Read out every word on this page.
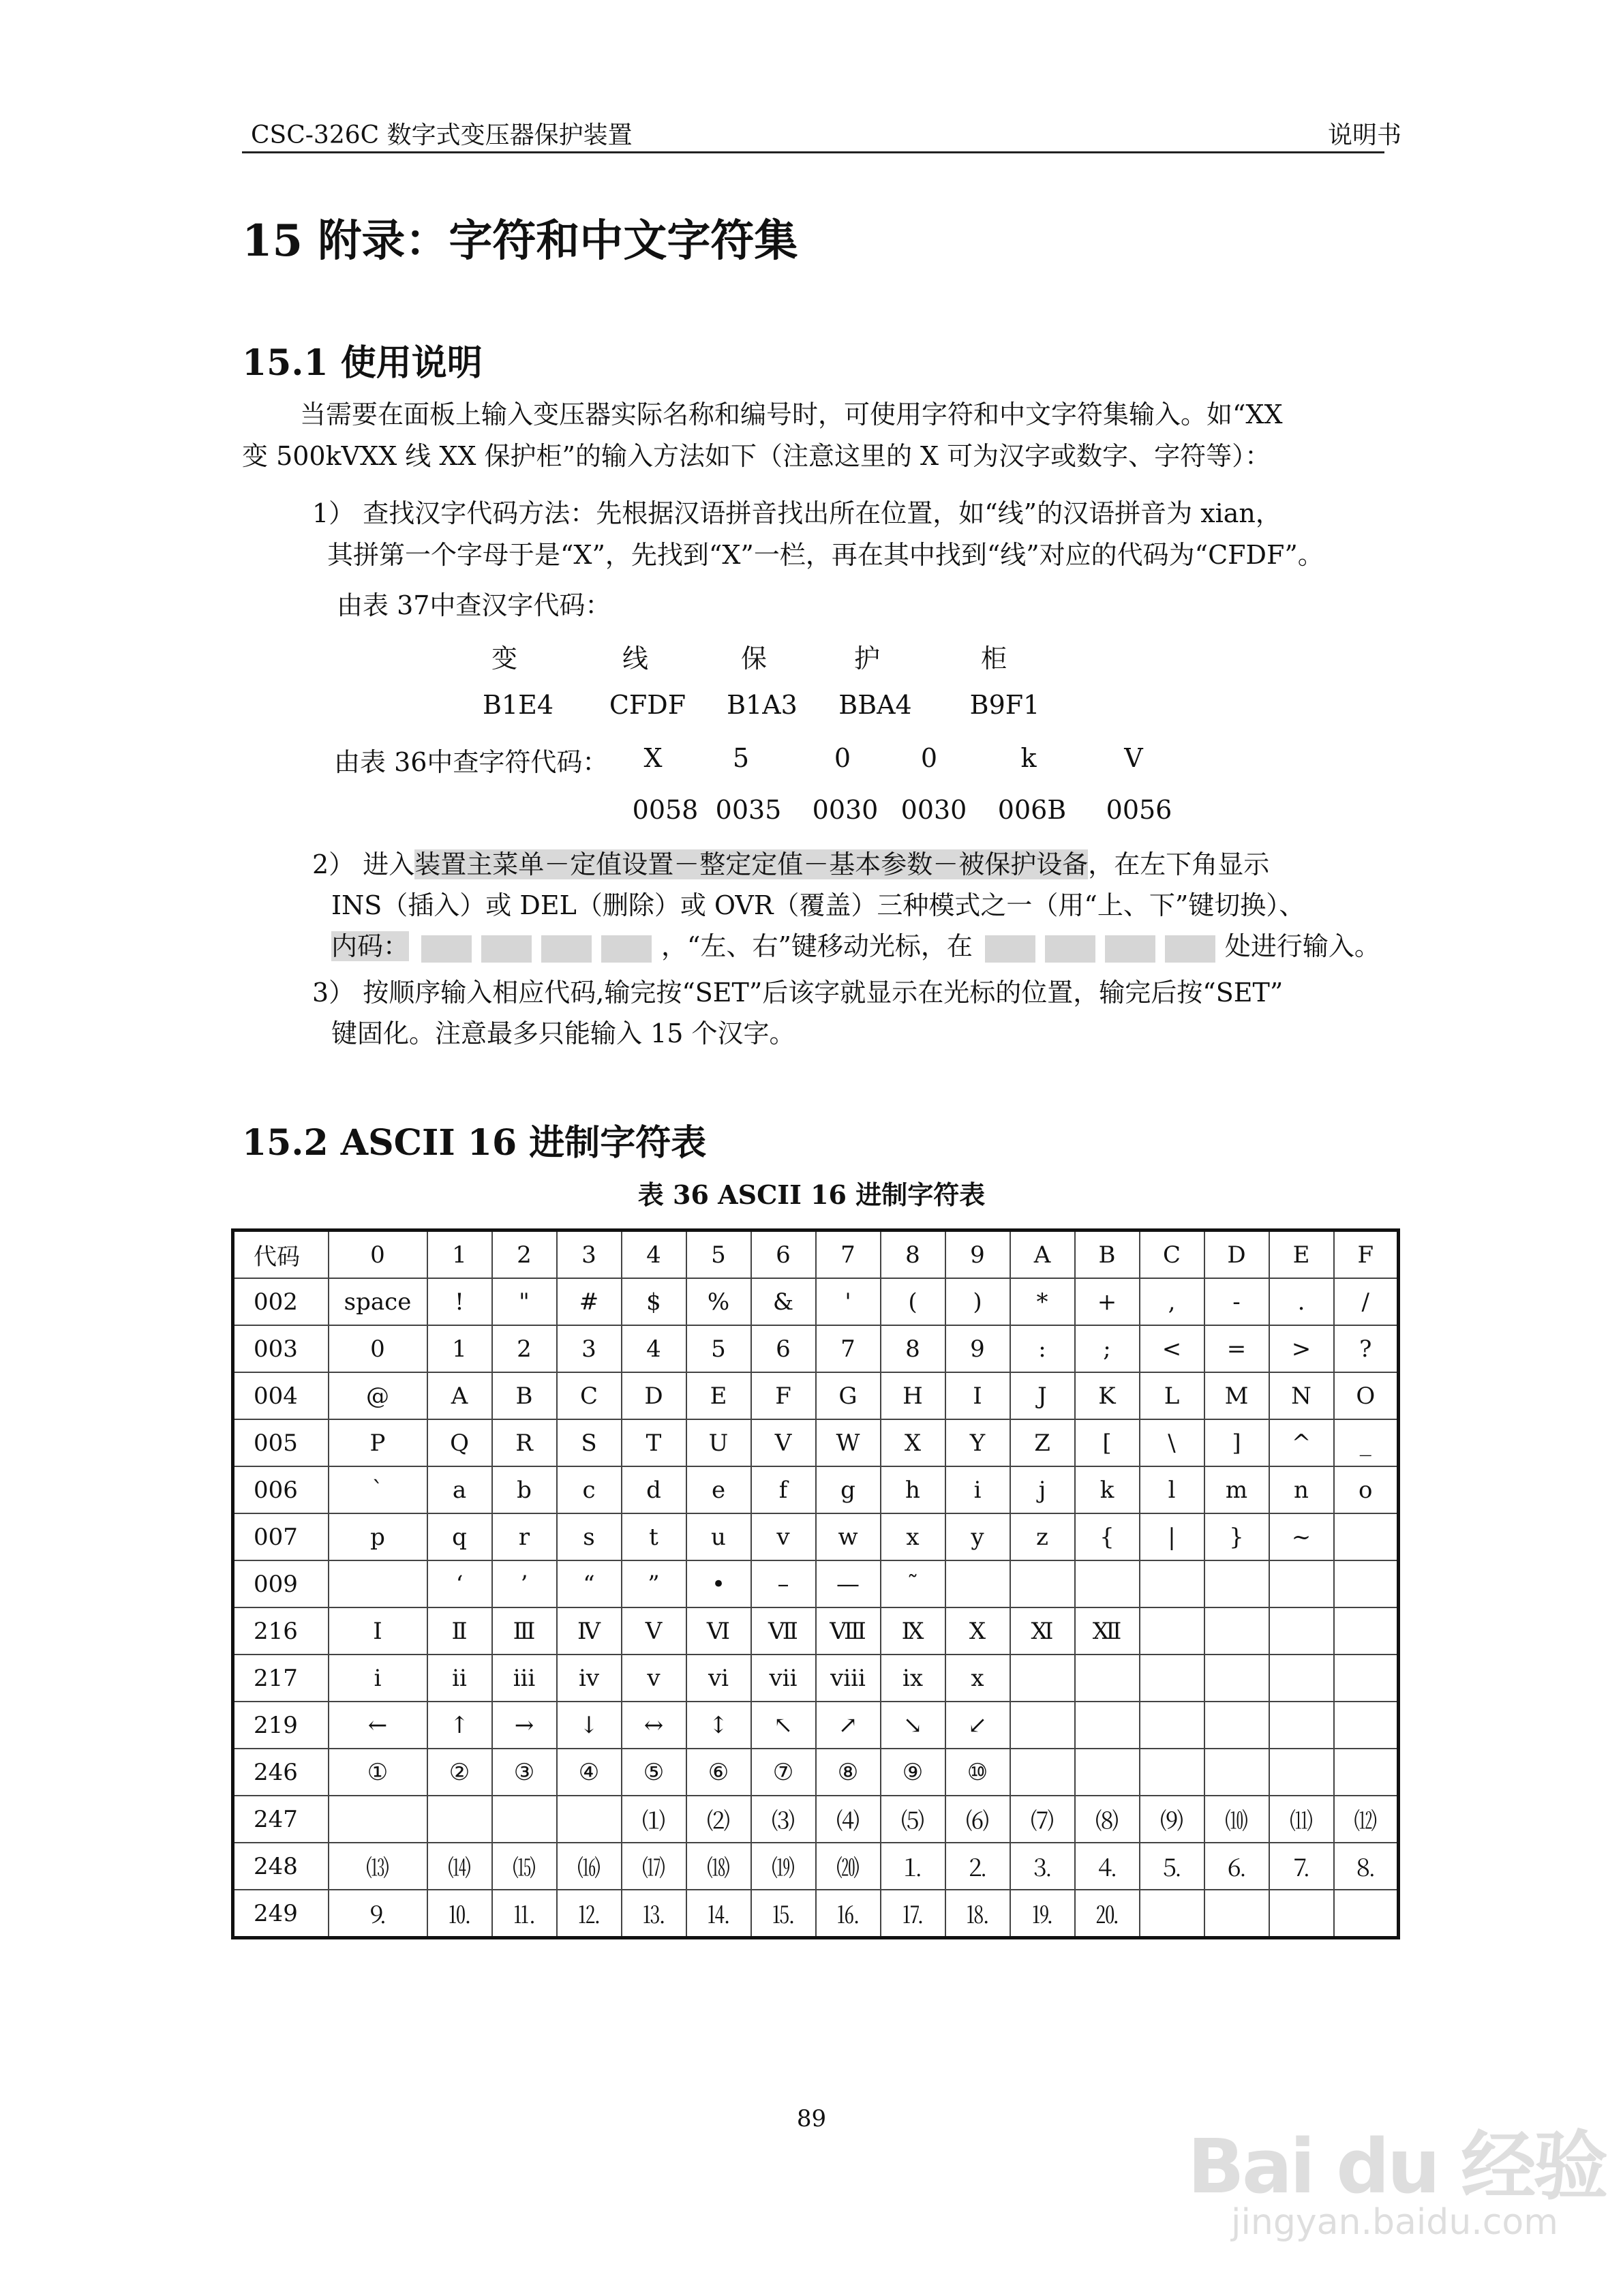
CSC-326C 数字式变压器保护装置	说明书
15 附录：字符和中文字符集
15.1 使用说明
当需要在面板上输入变压器实际名称和编号时，可使用字符和中文字符集输入。如“XX
变 500kVXX 线 XX 保护柜”的输入方法如下（注意这里的 X 可为汉字或数字、字符等）：
1） 查找汉字代码方法：先根据汉语拼音找出所在位置，如“线”的汉语拼音为 xian，
其拼第一个字母于是“X”，先找到“X”一栏，再在其中找到“线”对应的代码为“CFDF”。
由表 37中查汉字代码：
变	线	保	护	柜
B1E4 CFDF B1A3 BBA4 B9F1
由表 36中查字符代码： X	5	0	0	k	V
0058 0035 0030 0030 006B 0056
2） 进入装置主菜单－定值设置－整定定值－基本参数－被保护设备，在左下角显示
INS（插入）或 DEL（删除）或 OVR（覆盖）三种模式之一（用“上、下”键切换）、
内码：	，“左、右”键移动光标，在	处进行输入。
3） 按顺序输入相应代码,输完按“SET”后该字就显示在光标的位置，输完后按“SET”
键固化。注意最多只能输入 15 个汉字。
15.2 ASCII 16 进制字符表
表 36 ASCII 16 进制字符表
代码	0	1	2	3	4	5	6	7	8	9	A	B	C	D	E	F
002	space	!	"	#	$	%	&	'	(	)	*	+	,	-	.	/
003	0	1	2	3	4	5	6	7	8	9	:	;	<	=	>	?
004	@	A	B	C	D	E	F	G	H	I	J	K	L	M	N	O
005	P	Q	R	S	T	U	V	W	X	Y	Z	[	\	]	^	_
006	`	a	b	c	d	e	f	g	h	i	j	k	l	m	n	o
007	p	q	r	s	t	u	v	w	x	y	z	{	|	}	~	
009		‘	’	“	”	•	–	—	˜							
216	Ⅰ	Ⅱ	Ⅲ	Ⅳ	Ⅴ	Ⅵ	Ⅶ	Ⅷ	Ⅸ	Ⅹ	Ⅺ	Ⅻ				
217	i	ii	iii	iv	v	vi	vii	viii	ix	x						
219	←	↑	→	↓	↔	↕	↖	↗	↘	↙						
246	①	②	③	④	⑤	⑥	⑦	⑧	⑨	⑩						
247					⑴	⑵	⑶	⑷	⑸	⑹	⑺	⑻	⑼	⑽	⑾	⑿
248	⒀	⒁	⒂	⒃	⒄	⒅	⒆	⒇	⒈	⒉	⒊	⒋	⒌	⒍	⒎	⒏
249	⒐	⒑	⒒	⒓	⒔	⒕	⒖	⒗	⒘	⒙	⒚	⒛				
89
Bai du 经验
jingyan.baidu.com
